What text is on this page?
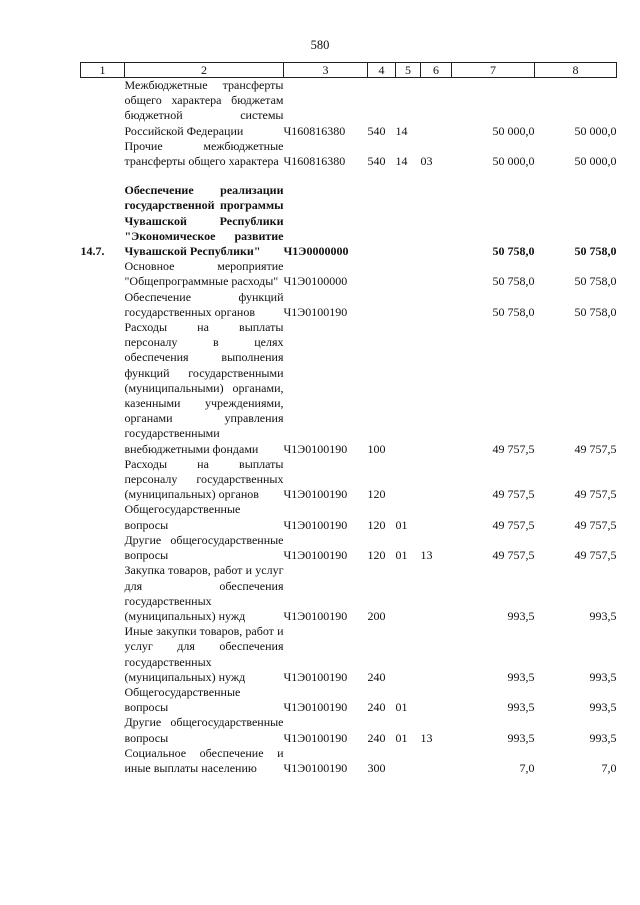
580
1	2	3	4	5	6	7	8
	Межбюджетные трансферты общего характера бюджетам бюджетной системы Российской Федерации	Ч160816380	540	14		50 000,0	50 000,0
	Прочие межбюджетные трансферты общего характера	Ч160816380	540	14	03	50 000,0	50 000,0

14.7.	Обеспечение реализации государственной программы Чувашской Республики "Экономическое развитие Чувашской Республики"	Ч1Э0000000				50 758,0	50 758,0
	Основное мероприятие "Общепрограммные расходы"	Ч1Э0100000				50 758,0	50 758,0
	Обеспечение функций государственных органов	Ч1Э0100190				50 758,0	50 758,0
	Расходы на выплаты персоналу в целях обеспечения выполнения функций государственными (муниципальными) органами, казенными учреждениями, органами управления государственными внебюджетными фондами	Ч1Э0100190	100			49 757,5	49 757,5
	Расходы на выплаты персоналу государственных (муниципальных) органов	Ч1Э0100190	120			49 757,5	49 757,5
	Общегосударственные вопросы	Ч1Э0100190	120	01		49 757,5	49 757,5
	Другие общегосударственные вопросы	Ч1Э0100190	120	01	13	49 757,5	49 757,5
	Закупка товаров, работ и услуг для обеспечения государственных (муниципальных) нужд	Ч1Э0100190	200			993,5	993,5
	Иные закупки товаров, работ и услуг для обеспечения государственных (муниципальных) нужд	Ч1Э0100190	240			993,5	993,5
	Общегосударственные вопросы	Ч1Э0100190	240	01		993,5	993,5
	Другие общегосударственные вопросы	Ч1Э0100190	240	01	13	993,5	993,5
	Социальное обеспечение и иные выплаты населению	Ч1Э0100190	300			7,0	7,0
